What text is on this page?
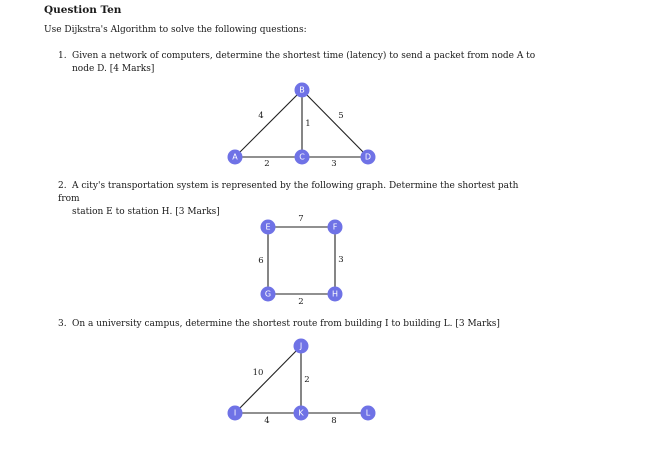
Question Ten
Use Dijkstra's Algorithm to solve the following questions:
1. Given a network of computers, determine the shortest time (latency) to send a packet from node A to
node D. [4 Marks]
2. A city's transportation system is represented by the following graph. Determine the shortest path from
station E to station H. [3 Marks]
3. On a university campus, determine the shortest route from building I to building L. [3 Marks]
4	5
1
2	3
B
A	C	D
7
6	3
2
E	F
G	H
10
2
4	8
J
I	K	L
